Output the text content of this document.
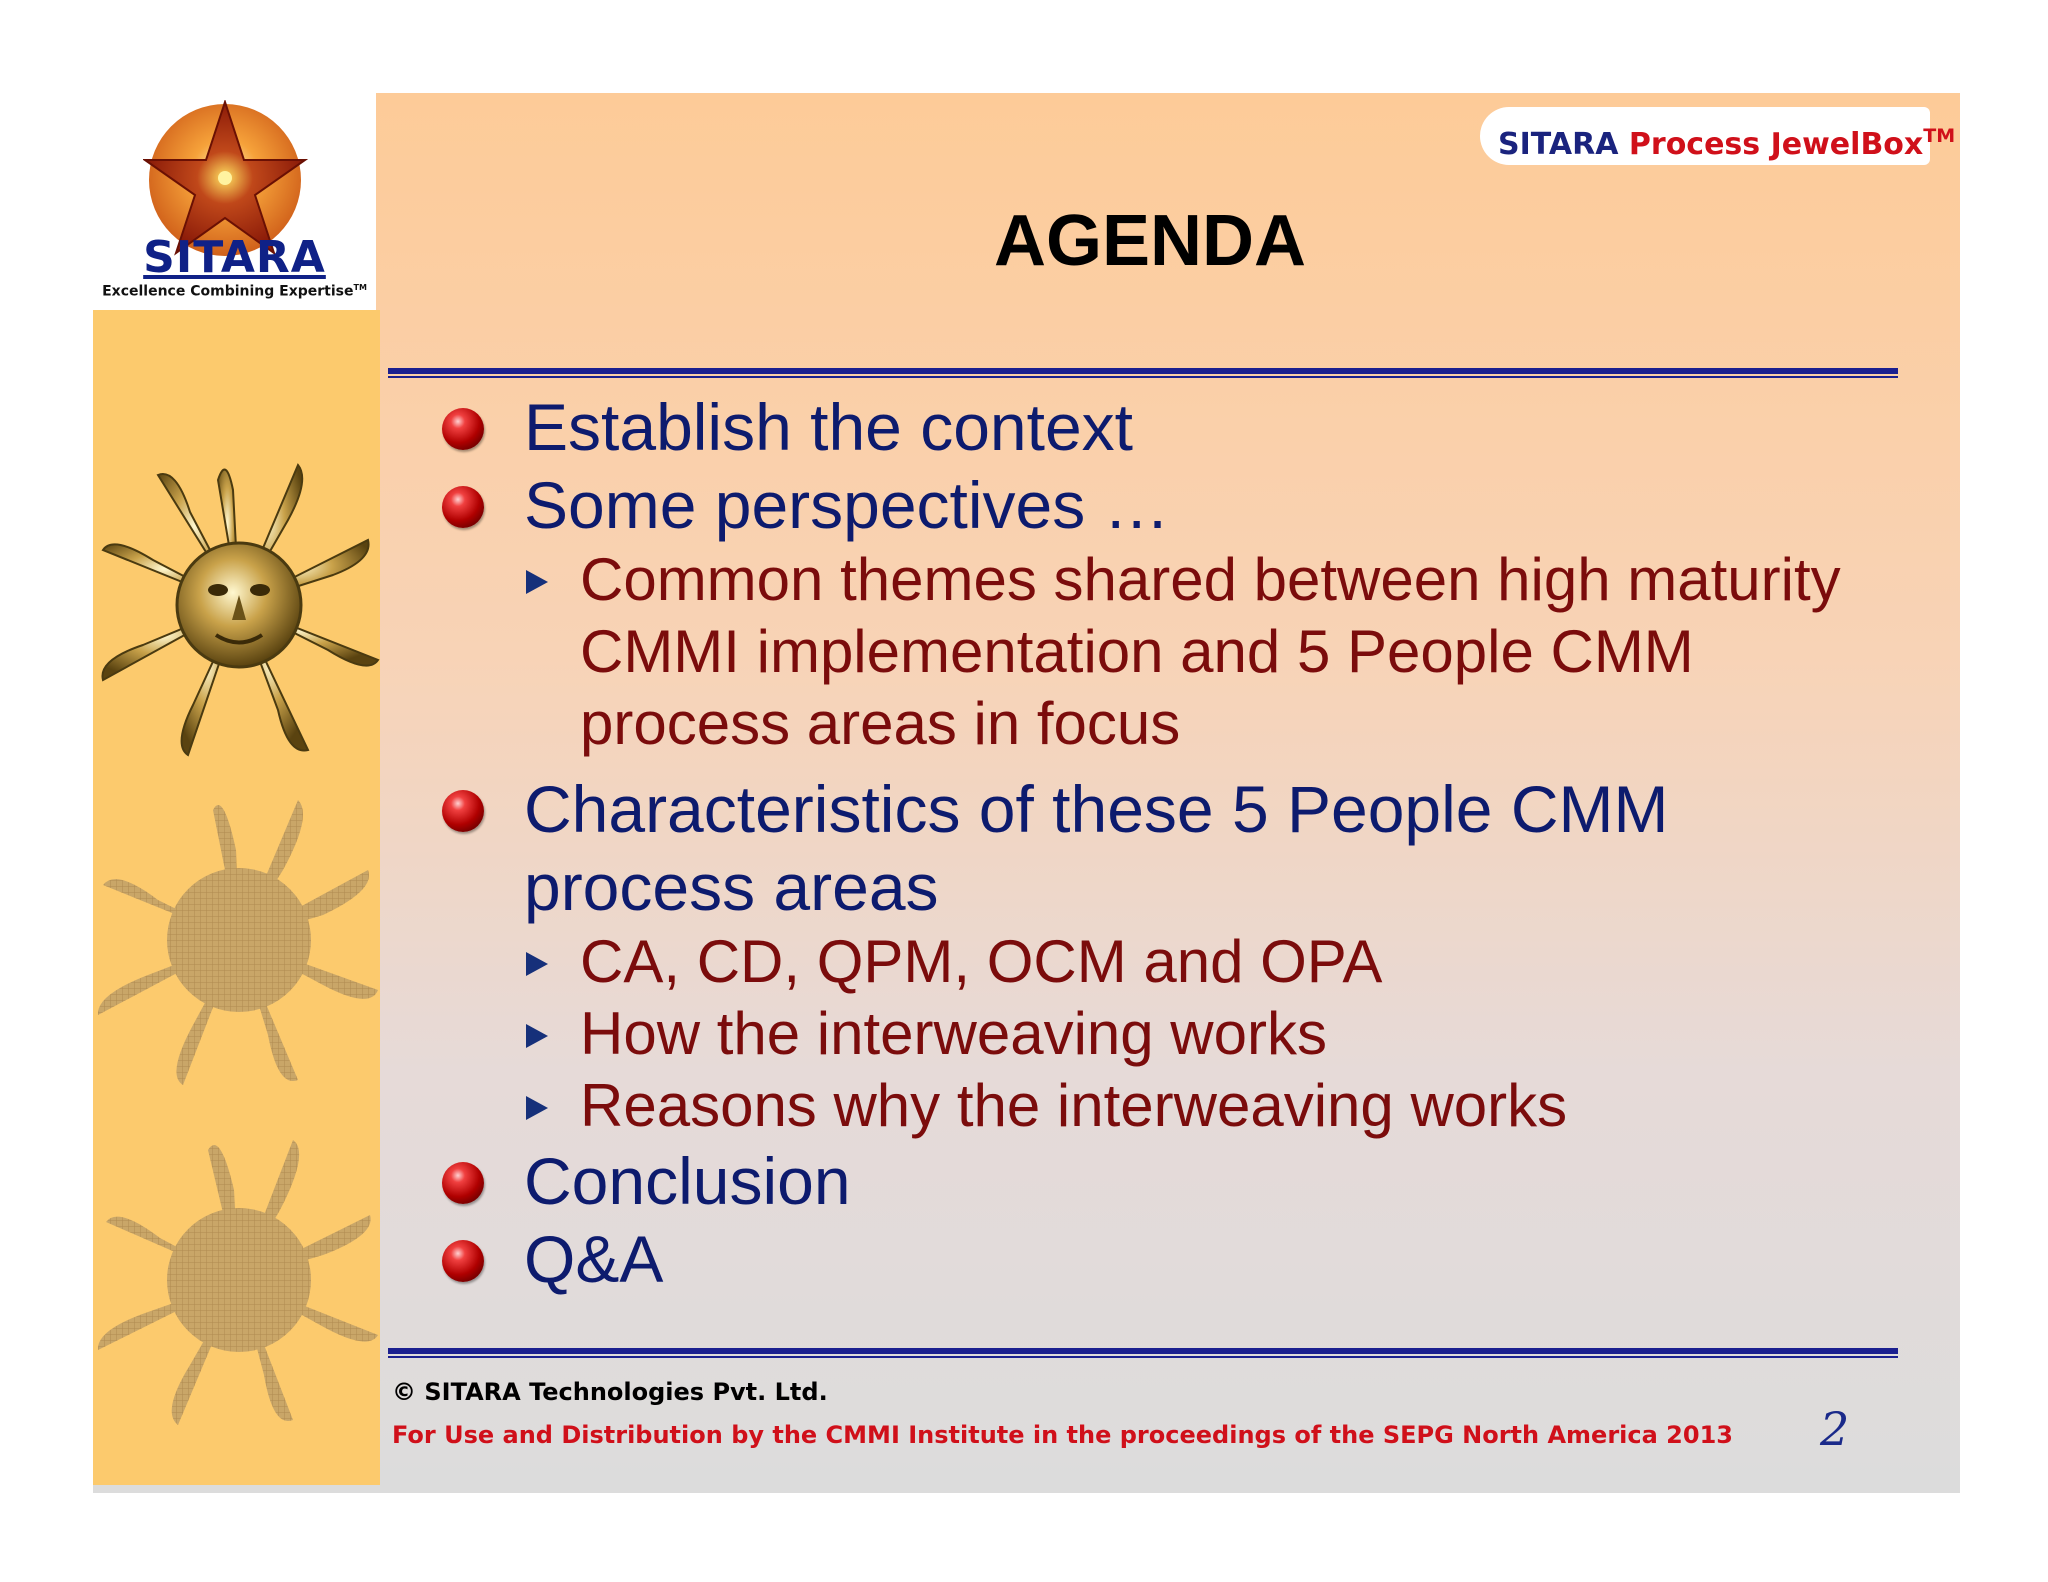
SITARA
Excellence Combining Expertise™
SITARA Process JewelBox™
AGENDA
Establish the context
Some perspectives …
Common themes shared between high maturity CMMI implementation and 5 People CMM process areas in focus
Characteristics of these 5 People CMM process areas
CA, CD, QPM, OCM and OPA
How the interweaving works
Reasons why the interweaving works
Conclusion
Q&A
© SITARA Technologies Pvt. Ltd.
For Use and Distribution by the CMMI Institute in the proceedings of the SEPG North America 2013 2
